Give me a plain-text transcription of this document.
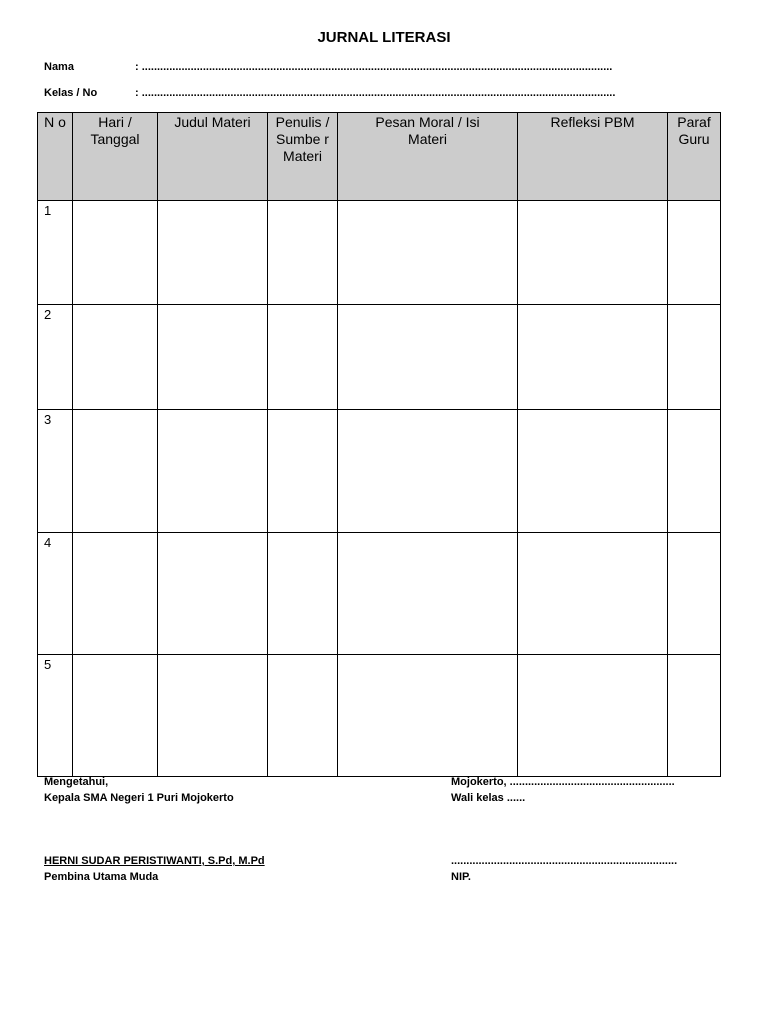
JURNAL LITERASI
Nama	: ..........................................................................................................................................................
Kelas / No	: ...........................................................................................................................................................
N o	Hari / Tanggal	Judul Materi	Penulis / Sumbe r Materi	Pesan Moral / Isi Materi	Refleksi PBM	Paraf Guru
1						
2						
3						
4						
5						
Mengetahui,
Kepala SMA Negeri 1 Puri Mojokerto
HERNI SUDAR PERISTIWANTI, S.Pd, M.Pd
Pembina Utama Muda
Mojokerto, ......................................................
Wali kelas ......
..........................................................................
NIP.
